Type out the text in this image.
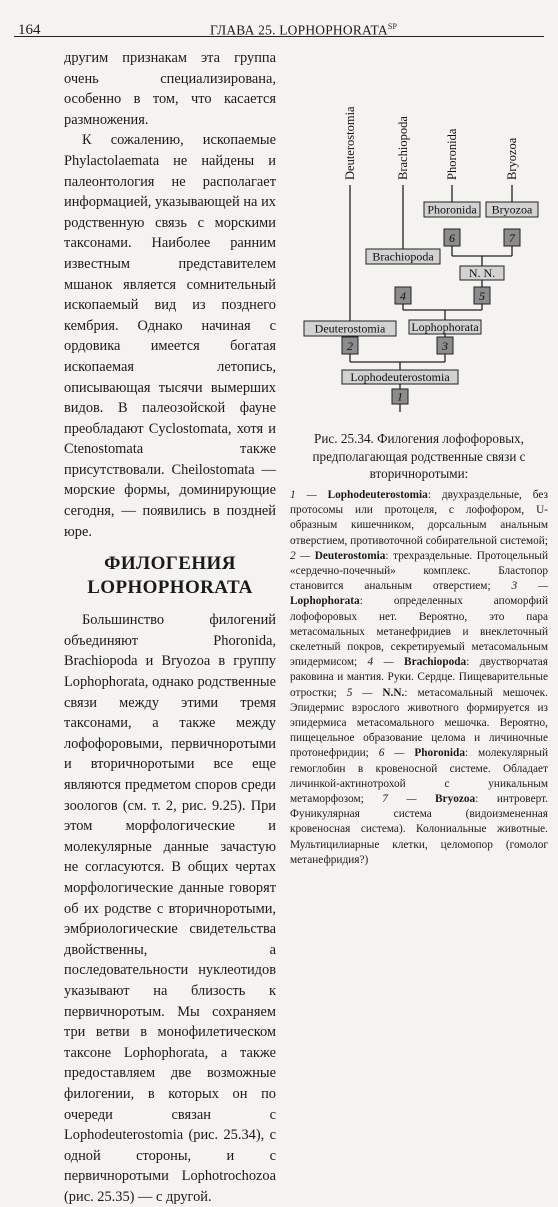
164	ГЛАВА 25. $LOPHOPHORATA^{SP}$

другим признакам эта группа очень специализирована, особенно в том, что касается размножения.

К сожалению, ископаемые Phylactolaemata не найдены и палеонтология не располагает информацией, указывающей на их родственную связь с морскими таксонами. Наиболее ранним известным представителем мшанок является сомнительный ископаемый вид из позднего кембрия. Однако начиная с ордовика имеется богатая ископаемая летопись, описывающая тысячи вымерших видов. В палеозойской фауне преобладают Cyclostomata, хотя и Ctenostomata также присутствовали. Cheilostomata — морские формы, доминирующие сегодня, — появились в поздней юре.

ФИЛОГЕНИЯ
LOPHOPHORATA

Большинство филогений объединяют Phoronida, Brachiopoda и Bryozoa в группу Lophophorata, однако родственные связи между этими тремя таксонами, а также между лофофоровыми, первичноротыми и вторичноротыми все еще являются предметом споров среди зоологов (см. т. 2, рис. 9.25). При этом морфологические и молекулярные данные зачастую не согласуются. В общих чертах морфологические данные говорят об их родстве с вторичноротыми, эмбриологические свидетельства двойственны, а последовательности нуклеотидов указывают на близость к первичноротым. Мы сохраняем три ветви в монофилетическом таксоне Lophophorata, а также предоставляем две возможные филогении, в которых он по очереди связан с Lophodeuterostomia (рис. 25.34), с одной стороны, и с первичноротыми Lophotrochozoa (рис. 25.35) — с другой.

Deuterostomia	Brachiopoda	Phoronida	Bryozoa
Phoronida Bryozoa
Brachiopoda
N. N.
Deuterostomia Lophophorata
Lophodeuterostomia
1
2	3
4	5
6	7
Рис. 25.34. Филогения лофофоровых, предполагающая родственные связи с вторичноротыми:

1 — Lophodeuterostomia: двухраздельные, без протосомы или протоцеля, с лофофором, U-образным кишечником, дорсальным анальным отверстием, противоточной собирательной системой; 2 — Deuterostomia: трехраздельные. Протоцельный «сердечно-почечный» комплекс. Бластопор становится анальным отверстием; 3 — Lophophorata: определенных апоморфий лофофоровых нет. Вероятно, это пара метасомальных метанефридиев и внеклеточный скелетный покров, секретируемый метасомальным эпидермисом; 4 — Brachiopoda: двустворчатая раковина и мантия. Руки. Сердце. Пищеварительные отростки; 5 — N.N.: метасомальный мешочек. Эпидермис взрослого животного формируется из эпидермиса метасомального мешочка. Вероятно, пищецельное образование целома и личиночные протонефридии; 6 — Phoronida: молекулярный гемоглобин в кровеносной системе. Обладает личинкой-актинотрохой с уникальным метаморфозом; 7 — Bryozoa: интроверт. Фуникулярная система (видоизмененная кровеносная система). Колониальные животные. Мультицилиарные клетки, целомопор (гомолог метанефридия?)
